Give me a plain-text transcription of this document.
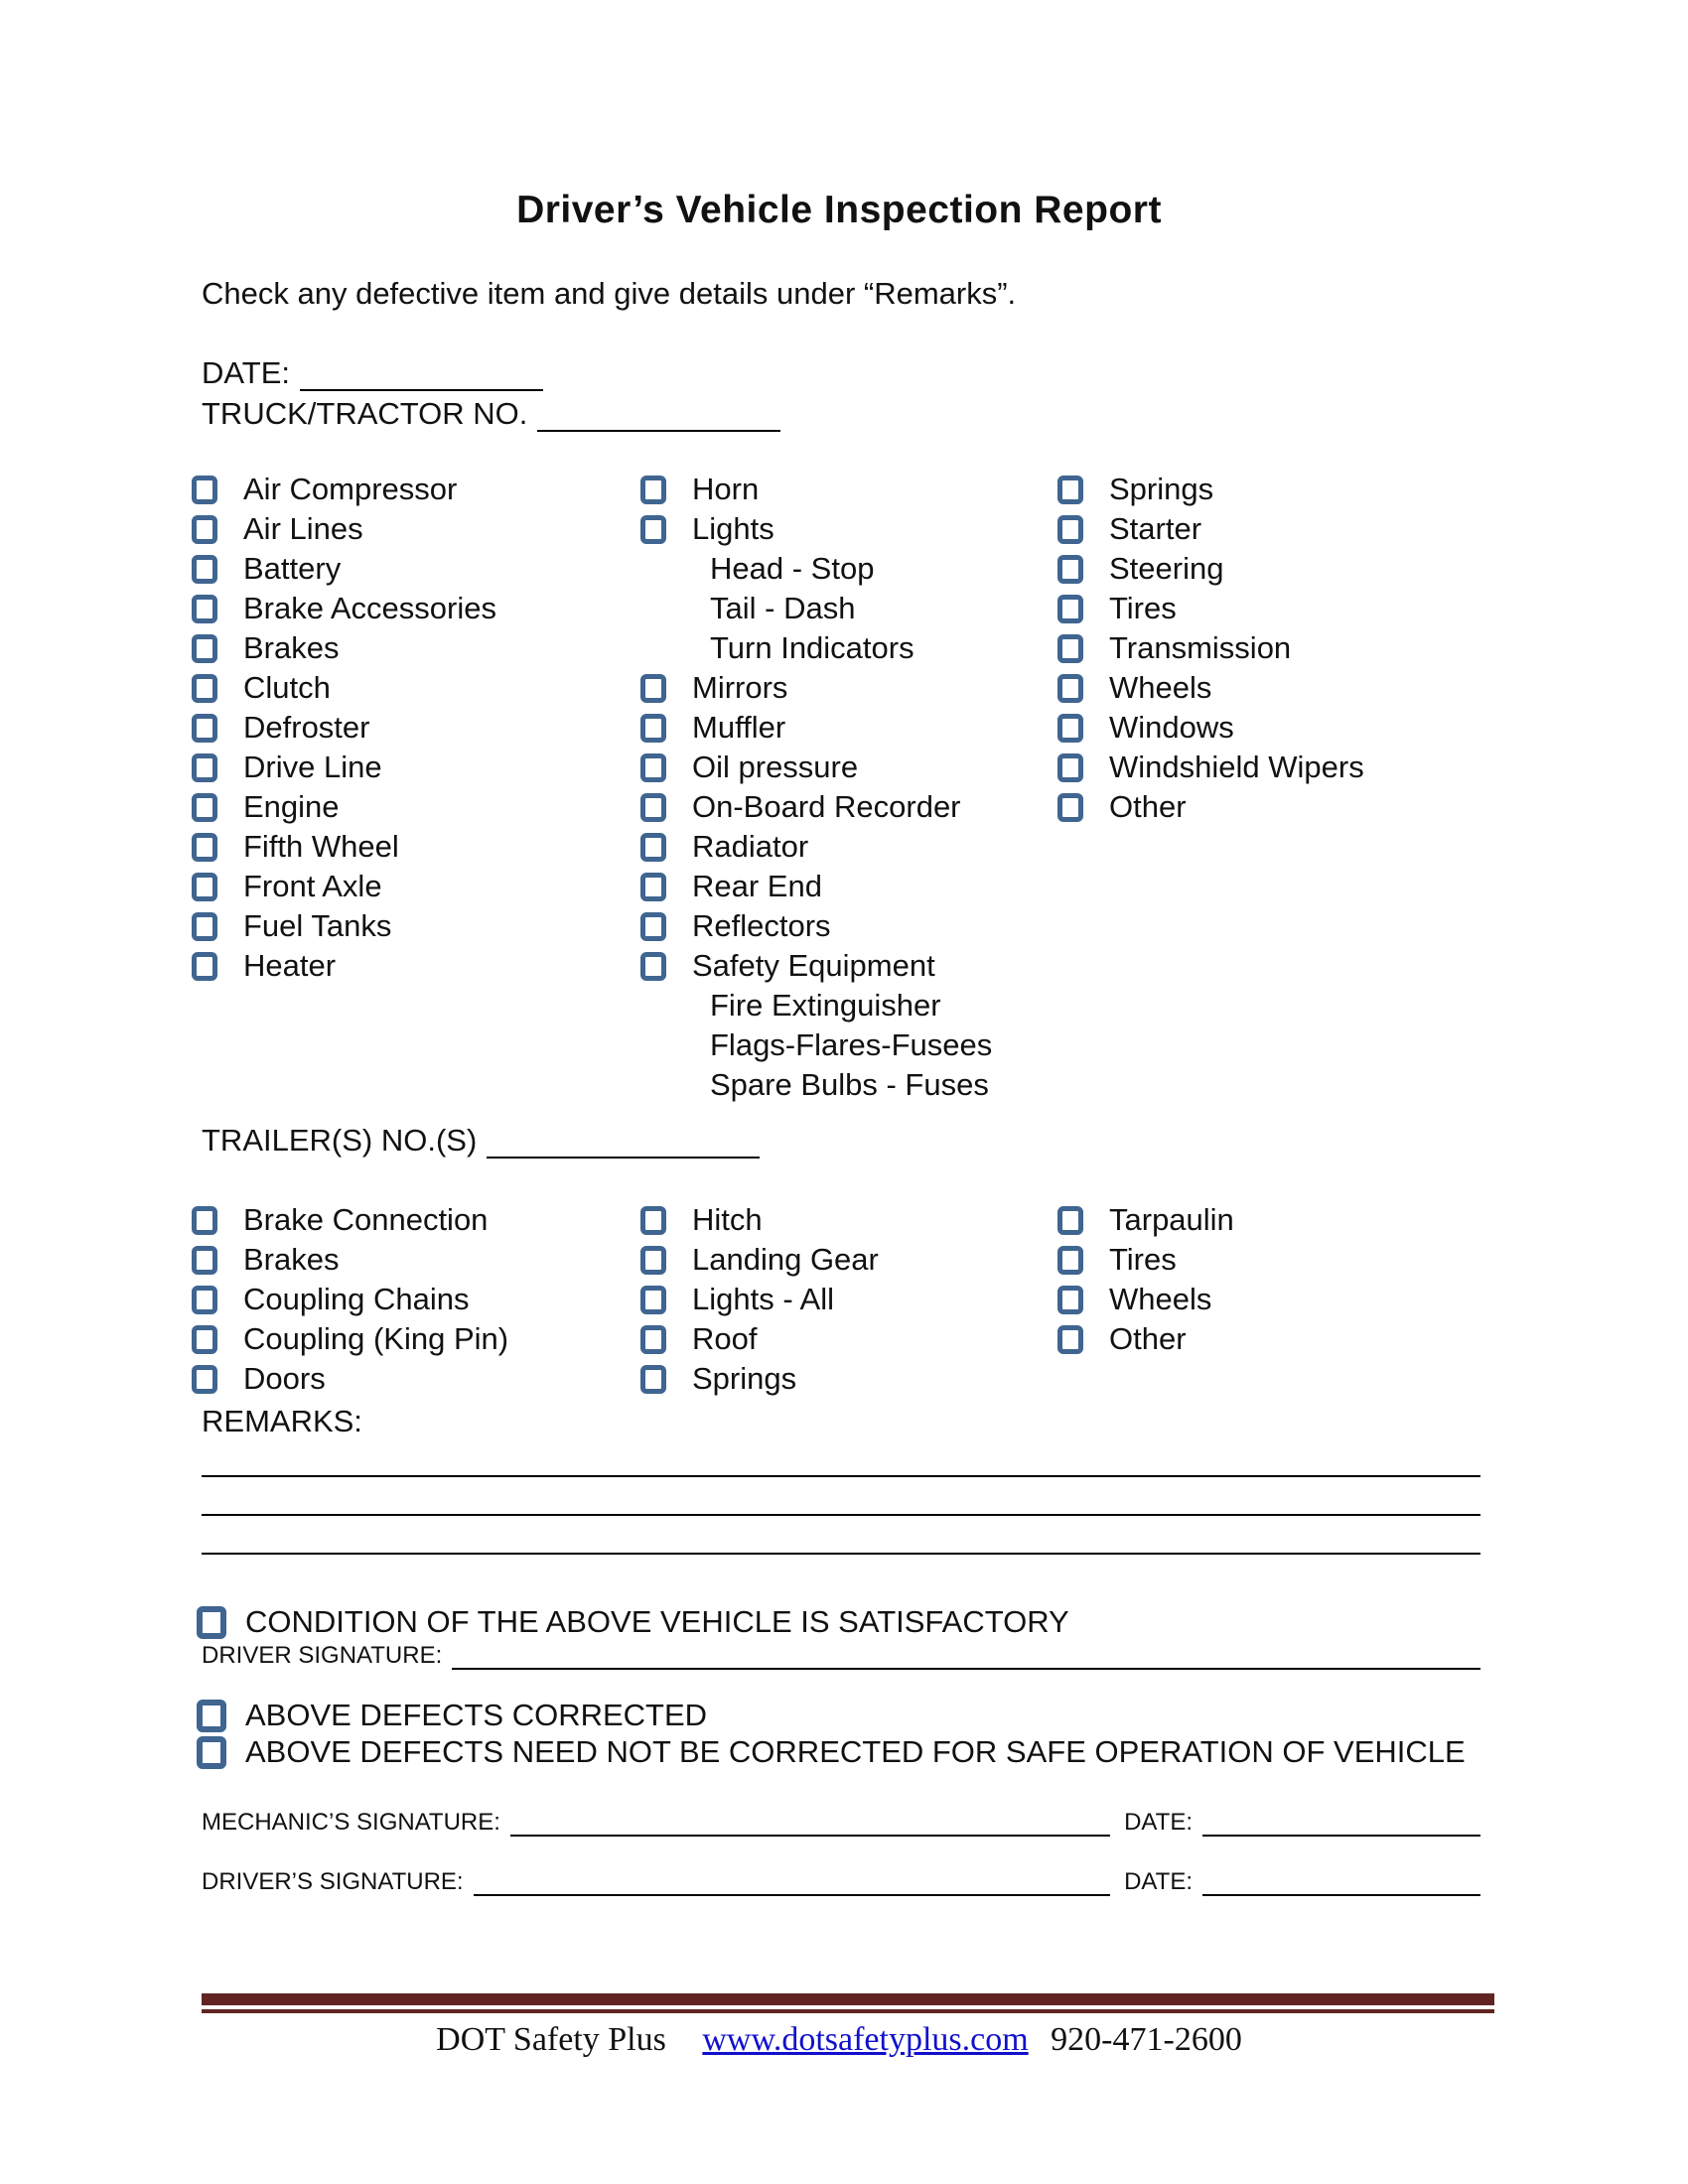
Driver’s Vehicle Inspection Report
Check any defective item and give details under “Remarks”.
DATE:
TRUCK/TRACTOR NO.
Air Compressor
Air Lines
Battery
Brake Accessories
Brakes
Clutch
Defroster
Drive Line
Engine
Fifth Wheel
Front Axle
Fuel Tanks
Heater
Horn
Lights
Head - Stop
Tail - Dash
Turn Indicators
Mirrors
Muffler
Oil pressure
On-Board Recorder
Radiator
Rear End
Reflectors
Safety Equipment
Fire Extinguisher
Flags-Flares-Fusees
Spare Bulbs - Fuses
Springs
Starter
Steering
Tires
Transmission
Wheels
Windows
Windshield Wipers
Other
TRAILER(S) NO.(S)
Brake Connection
Brakes
Coupling Chains
Coupling (King Pin)
Doors
Hitch
Landing Gear
Lights - All
Roof
Springs
Tarpaulin
Tires
Wheels
Other
REMARKS:
CONDITION OF THE ABOVE VEHICLE IS SATISFACTORY
DRIVER SIGNATURE:
ABOVE DEFECTS CORRECTED
ABOVE DEFECTS NEED NOT BE CORRECTED FOR SAFE OPERATION OF VEHICLE
MECHANIC’S SIGNATURE:	DATE:
DRIVER’S SIGNATURE:	DATE:
DOT Safety Plus www.dotsafetyplus.com 920-471-2600
